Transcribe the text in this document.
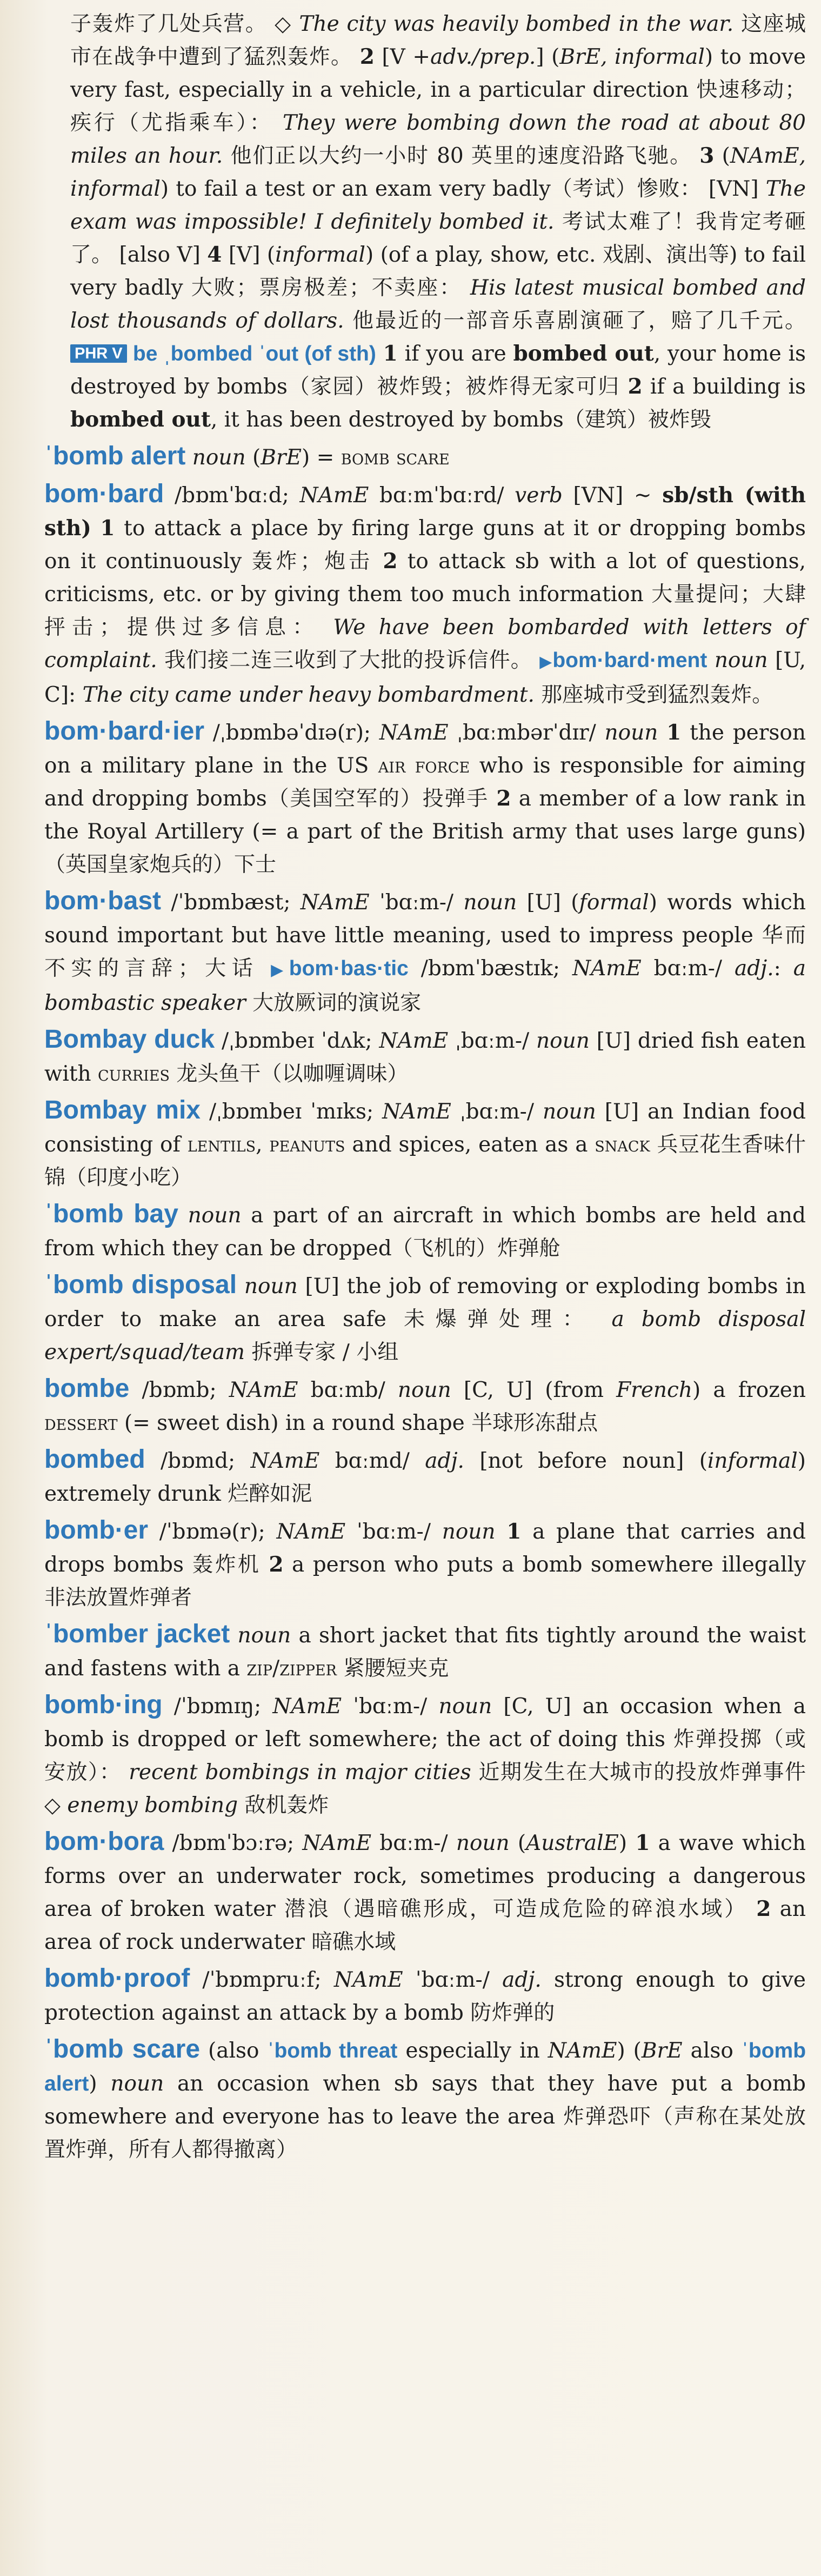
子轰炸了几处兵营。 ◇ The city was heavily bombed in the war. 这座城市在战争中遭到了猛烈轰炸。 2 [V +adv./prep.] (BrE, informal) to move very fast, especially in a vehicle, in a particular direction 快速移动；疾行（尤指乘车）： They were bombing down the road at about 80 miles an hour. 他们正以大约一小时 80 英里的速度沿路飞驰。 3 (NAmE, informal) to fail a test or an exam very badly（考试）惨败： [VN] The exam was impossible! I definitely bombed it. 考试太难了！我肯定考砸了。 [also V] 4 [V] (informal) (of a play, show, etc. 戏剧、演出等) to fail very badly 大败；票房极差；不卖座： His latest musical bombed and lost thousands of dollars. 他最近的一部音乐喜剧演砸了，赔了几千元。 PHR V be ˌbombed ˈout (of sth) 1 if you are bombed out, your home is destroyed by bombs（家园）被炸毁；被炸得无家可归 2 if a building is bombed out, it has been destroyed by bombs（建筑）被炸毁

ˈbomb alert noun (BrE) = bomb scare

bom·bard /bɒmˈbɑːd; NAmE bɑːmˈbɑːrd/ verb [VN] ~ sb/sth (with sth) 1 to attack a place by firing large guns at it or dropping bombs on it continuously 轰炸；炮击 2 to attack sb with a lot of questions, criticisms, etc. or by giving them too much information 大量提问；大肆抨击；提供过多信息： We have been bombarded with letters of complaint. 我们接二连三收到了大批的投诉信件。 ▶bom·bard·ment noun [U, C]: The city came under heavy bombardment. 那座城市受到猛烈轰炸。

bom·bard·ier /ˌbɒmbəˈdɪə(r); NAmE ˌbɑːmbərˈdɪr/ noun 1 the person on a military plane in the US air force who is responsible for aiming and dropping bombs（美国空军的）投弹手 2 a member of a low rank in the Royal Artillery (= a part of the British army that uses large guns)（英国皇家炮兵的）下士

bom·bast /ˈbɒmbæst; NAmE ˈbɑːm-/ noun [U] (formal) words which sound important but have little meaning, used to impress people 华而不实的言辞；大话 ▶bom·bas·tic /bɒmˈbæstɪk; NAmE bɑːm-/ adj.: a bombastic speaker 大放厥词的演说家

Bombay duck /ˌbɒmbeɪ ˈdʌk; NAmE ˌbɑːm-/ noun [U] dried fish eaten with curries 龙头鱼干（以咖喱调味）

Bombay mix /ˌbɒmbeɪ ˈmɪks; NAmE ˌbɑːm-/ noun [U] an Indian food consisting of lentils, peanuts and spices, eaten as a snack 兵豆花生香味什锦（印度小吃）

ˈbomb bay noun a part of an aircraft in which bombs are held and from which they can be dropped（飞机的）炸弹舱

ˈbomb disposal noun [U] the job of removing or exploding bombs in order to make an area safe 未爆弹处理： a bomb disposal expert/squad/team 拆弹专家 / 小组

bombe /bɒmb; NAmE bɑːmb/ noun [C, U] (from French) a frozen dessert (= sweet dish) in a round shape 半球形冻甜点

bombed /bɒmd; NAmE bɑːmd/ adj. [not before noun] (informal) extremely drunk 烂醉如泥

bomb·er /ˈbɒmə(r); NAmE ˈbɑːm-/ noun 1 a plane that carries and drops bombs 轰炸机 2 a person who puts a bomb somewhere illegally 非法放置炸弹者

ˈbomber jacket noun a short jacket that fits tightly around the waist and fastens with a zip/zipper 紧腰短夹克

bomb·ing /ˈbɒmɪŋ; NAmE ˈbɑːm-/ noun [C, U] an occasion when a bomb is dropped or left somewhere; the act of doing this 炸弹投掷（或安放）： recent bombings in major cities 近期发生在大城市的投放炸弹事件 ◇ enemy bombing 敌机轰炸

bom·bora /bɒmˈbɔːrə; NAmE bɑːm-/ noun (AustralE) 1 a wave which forms over an underwater rock, sometimes producing a dangerous area of broken water 潜浪（遇暗礁形成，可造成危险的碎浪水域） 2 an area of rock underwater 暗礁水域

bomb·proof /ˈbɒmpruːf; NAmE ˈbɑːm-/ adj. strong enough to give protection against an attack by a bomb 防炸弹的

ˈbomb scare (also ˈbomb threat especially in NAmE) (BrE also ˈbomb alert) noun an occasion when sb says that they have put a bomb somewhere and everyone has to leave the area 炸弹恐吓（声称在某处放置炸弹，所有人都得撤离）
